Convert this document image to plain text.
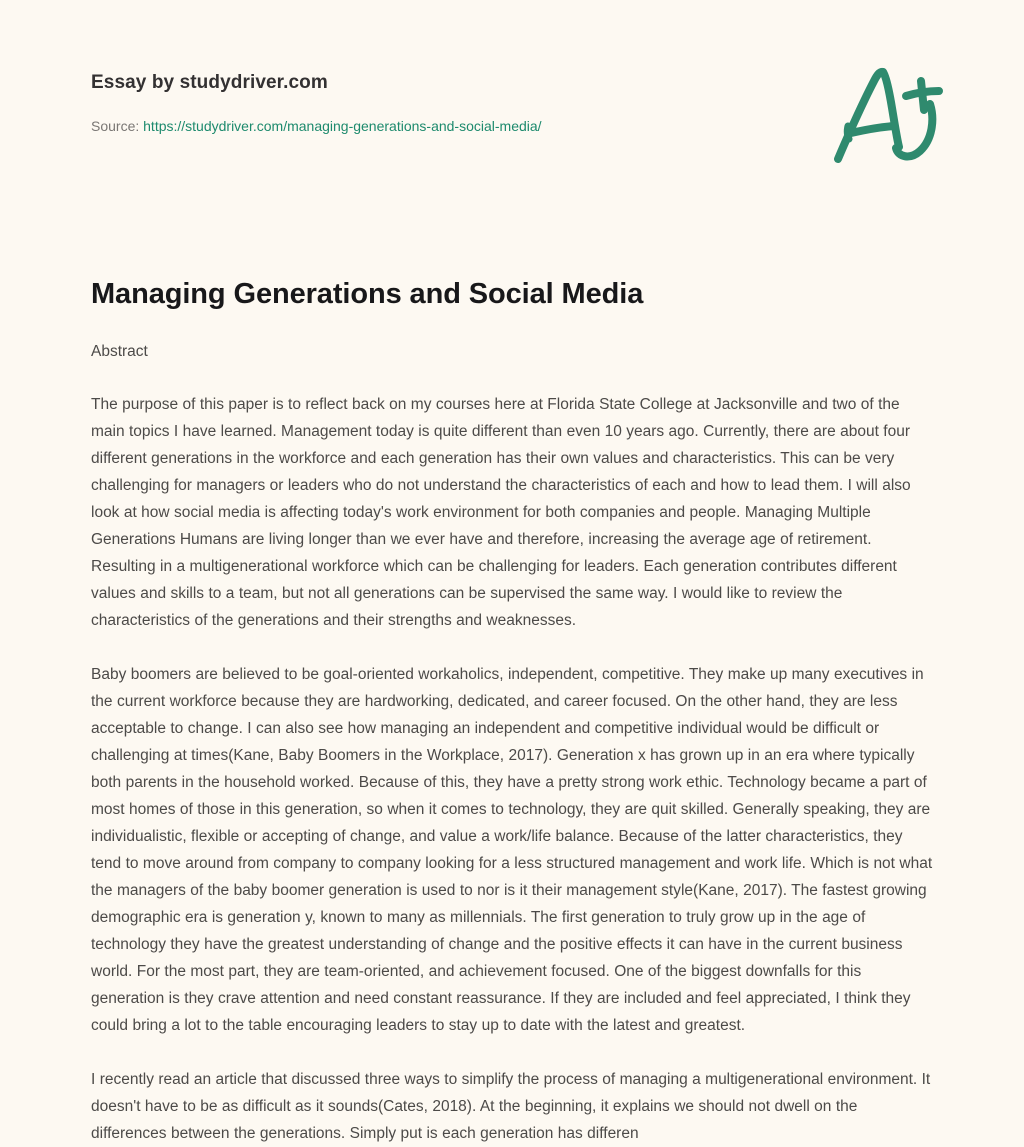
Essay by studydriver.com
Source: https://studydriver.com/managing-generations-and-social-media/
Managing Generations and Social Media
Abstract

The purpose of this paper is to reflect back on my courses here at Florida State College at Jacksonville and two of the main topics I have learned. Management today is quite different than even 10 years ago. Currently, there are about four different generations in the workforce and each generation has their own values and characteristics. This can be very challenging for managers or leaders who do not understand the characteristics of each and how to lead them. I will also look at how social media is affecting today's work environment for both companies and people. Managing Multiple Generations Humans are living longer than we ever have and therefore, increasing the average age of retirement. Resulting in a multigenerational workforce which can be challenging for leaders. Each generation contributes different values and skills to a team, but not all generations can be supervised the same way. I would like to review the characteristics of the generations and their strengths and weaknesses.

Baby boomers are believed to be goal-oriented workaholics, independent, competitive. They make up many executives in the current workforce because they are hardworking, dedicated, and career focused. On the other hand, they are less acceptable to change. I can also see how managing an independent and competitive individual would be difficult or challenging at times(Kane, Baby Boomers in the Workplace, 2017). Generation x has grown up in an era where typically both parents in the household worked. Because of this, they have a pretty strong work ethic. Technology became a part of most homes of those in this generation, so when it comes to technology, they are quit skilled. Generally speaking, they are individualistic, flexible or accepting of change, and value a work/life balance. Because of the latter characteristics, they tend to move around from company to company looking for a less structured management and work life. Which is not what the managers of the baby boomer generation is used to nor is it their management style(Kane, 2017). The fastest growing demographic era is generation y, known to many as millennials. The first generation to truly grow up in the age of technology they have the greatest understanding of change and the positive effects it can have in the current business world. For the most part, they are team-oriented, and achievement focused. One of the biggest downfalls for this generation is they crave attention and need constant reassurance. If they are included and feel appreciated, I think they could bring a lot to the table encouraging leaders to stay up to date with the latest and greatest.

I recently read an article that discussed three ways to simplify the process of managing a multigenerational environment. It doesn't have to be as difficult as it sounds(Cates, 2018). At the beginning, it explains we should not dwell on the differences between the generations. Simply put is each generation has differen
